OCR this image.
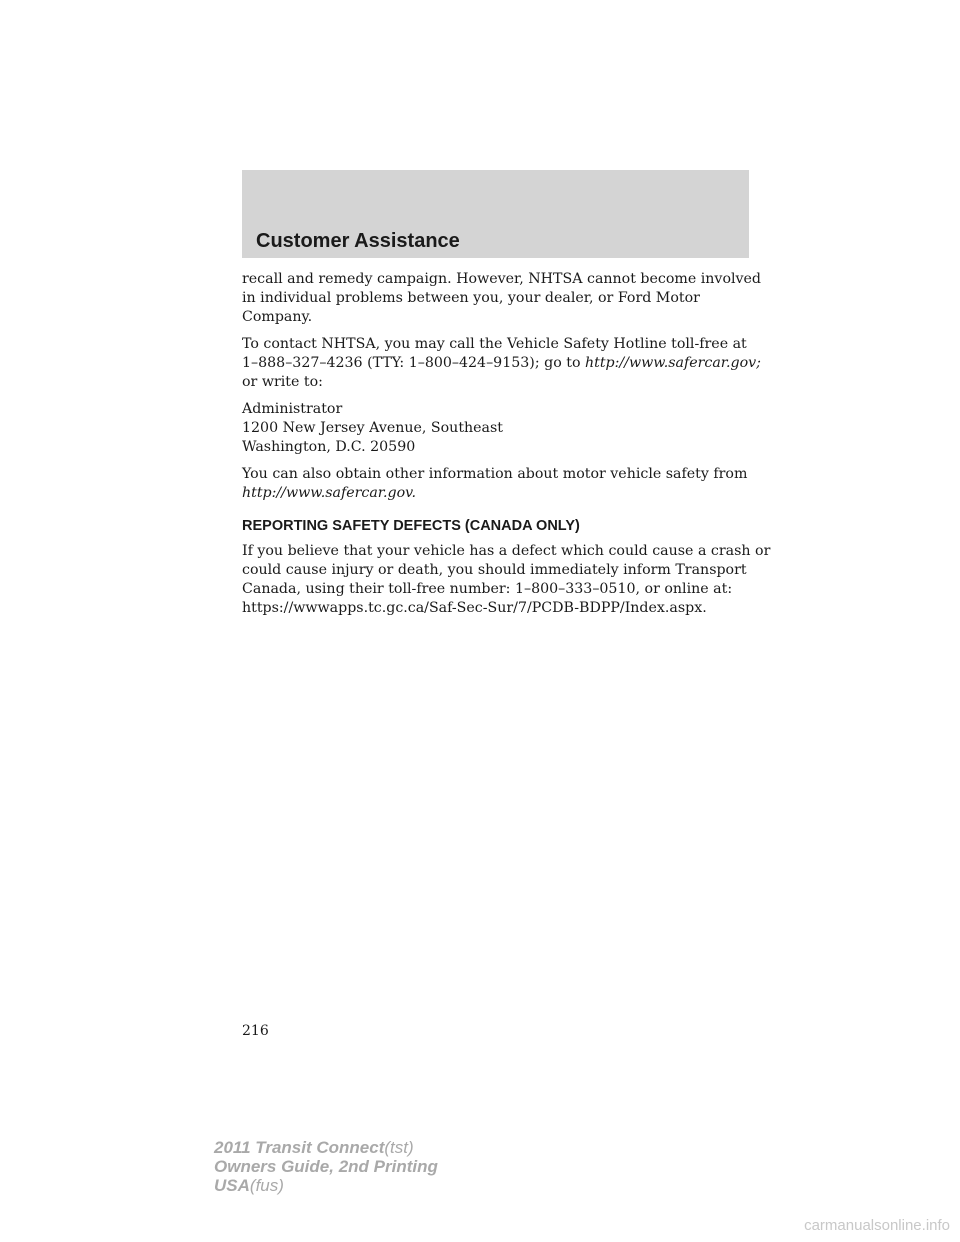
Customer Assistance

recall and remedy campaign. However, NHTSA cannot become involved
in individual problems between you, your dealer, or Ford Motor
Company.

To contact NHTSA, you may call the Vehicle Safety Hotline toll-free at
1–888–327–4236 (TTY: 1–800–424–9153); go to http://www.safercar.gov;
or write to:

Administrator
1200 New Jersey Avenue, Southeast
Washington, D.C. 20590

You can also obtain other information about motor vehicle safety from
http://www.safercar.gov.

REPORTING SAFETY DEFECTS (CANADA ONLY)

If you believe that your vehicle has a defect which could cause a crash or
could cause injury or death, you should immediately inform Transport
Canada, using their toll-free number: 1–800–333–0510, or online at:
https://wwwapps.tc.gc.ca/Saf-Sec-Sur/7/PCDB-BDPP/Index.aspx.

216
2011 Transit Connect(tst)
Owners Guide, 2nd Printing
USA(fus)
carmanualsonline.info
